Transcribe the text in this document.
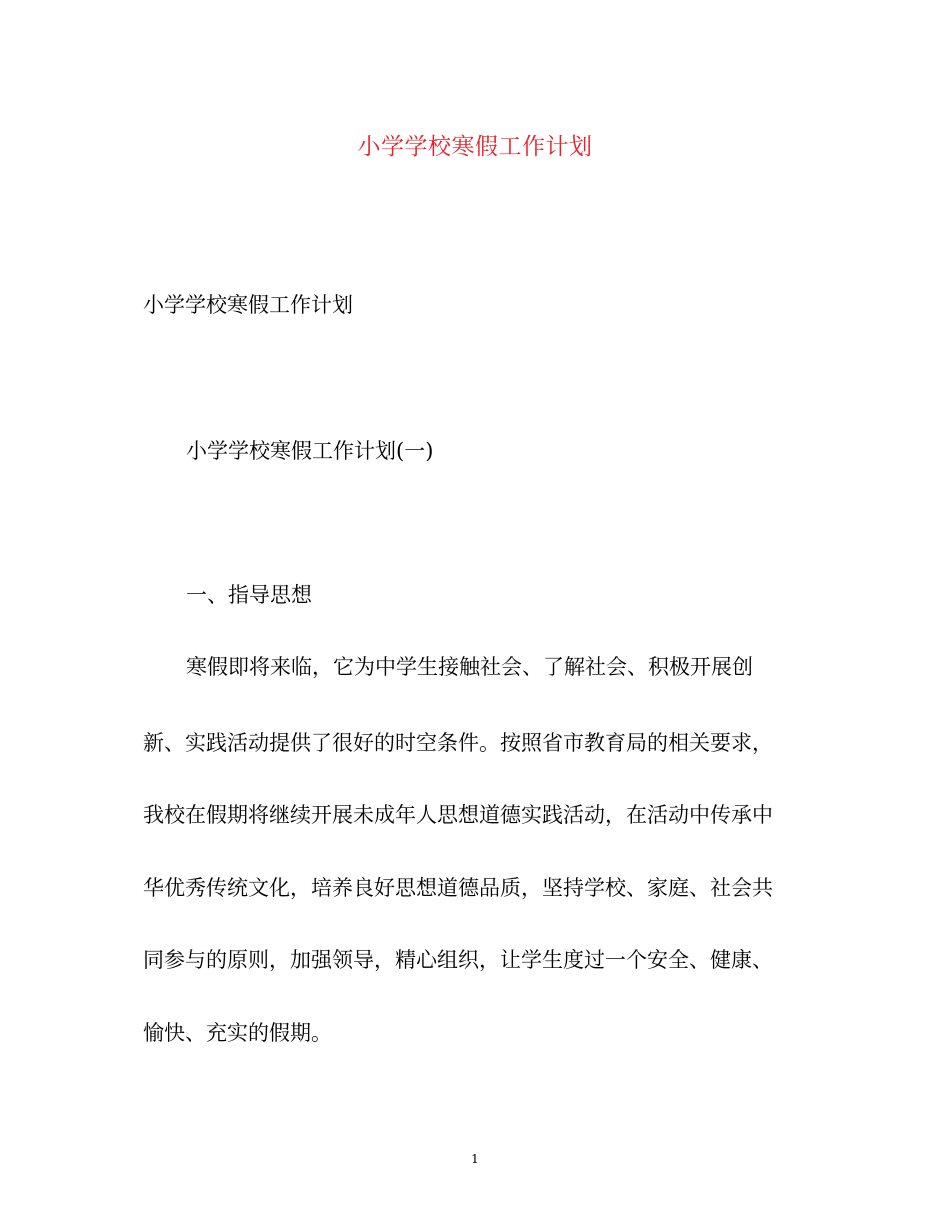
小学学校寒假工作计划
小学学校寒假工作计划
小学学校寒假工作计划(一)
一、指导思想
寒假即将来临，它为中学生接触社会、了解社会、积极开展创
新、实践活动提供了很好的时空条件。按照省市教育局的相关要求，
我校在假期将继续开展未成年人思想道德实践活动，在活动中传承中
华优秀传统文化，培养良好思想道德品质，坚持学校、家庭、社会共
同参与的原则，加强领导，精心组织，让学生度过一个安全、健康、
愉快、充实的假期。
1
